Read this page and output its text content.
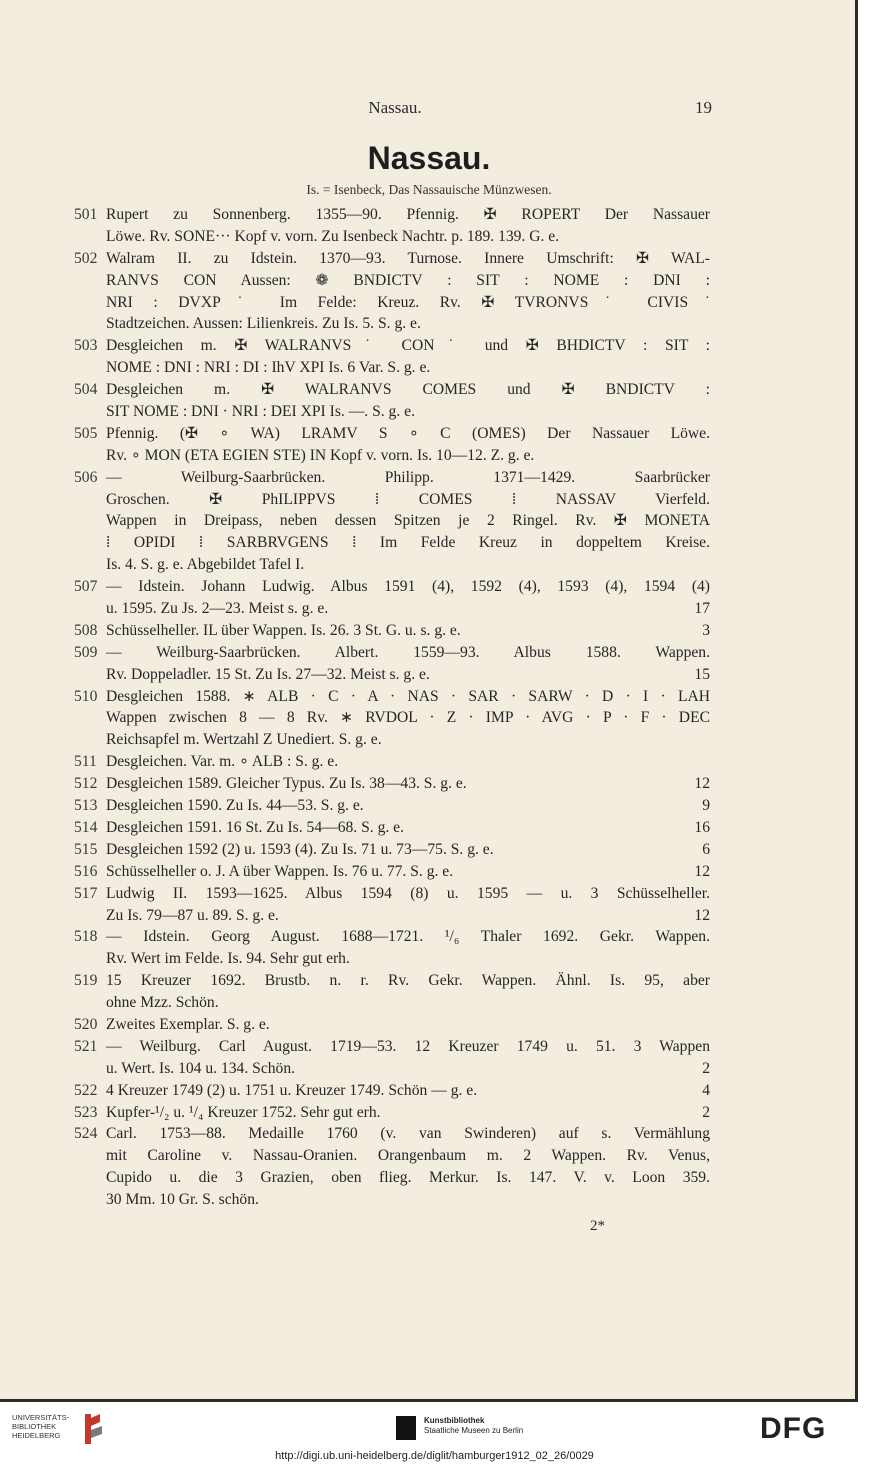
Nassau.	19
Nassau.
Is. = Isenbeck, Das Nassauische Münzwesen.
501 Rupert zu Sonnenberg. 1355—90. Pfennig. ✠ ROPERT Der Nassauer
Löwe. Rv. SONE··· Kopf v. vorn. Zu Isenbeck Nachtr. p. 189. 139. G. e.
502 Walram II. zu Idstein. 1370—93. Turnose. Innere Umschrift: ✠ WAL-
RANVS CON Aussen: ❁ BNDICTV : SIT : NOME : DNI :
NRI : DVXP˙ Im Felde: Kreuz. Rv. ✠ TVRONVS˙ CIVIS˙
Stadtzeichen. Aussen: Lilienkreis. Zu Is. 5. S. g. e.
503 Desgleichen m. ✠ WALRANVS˙ CON˙ und ✠ BHDICTV : SIT :
NOME : DNI : NRI : DI : IhV XPI Is. 6 Var. S. g. e.
504 Desgleichen m. ✠ WALRANVS COMES und ✠ BNDICTV :
SIT NOME : DNI · NRI : DEI XPI Is. —. S. g. e.
505 Pfennig. (✠ ∘ WA) LRAMV S ∘ C (OMES) Der Nassauer Löwe.
Rv. ∘ MON (ETA EGIEN STE) IN Kopf v. vorn. Is. 10—12. Z. g. e.
506 — Weilburg-Saarbrücken. Philipp. 1371—1429. Saarbrücker
Groschen. ✠ PhILIPPVS ⁞ COMES ⁞ NASSAV Vierfeld.
Wappen in Dreipass, neben dessen Spitzen je 2 Ringel. Rv. ✠ MONETA
⁞ OPIDI ⁞ SARBRVGENS ⁞ Im Felde Kreuz in doppeltem Kreise.
Is. 4. S. g. e. Abgebildet Tafel I.
507 — Idstein. Johann Ludwig. Albus 1591 (4), 1592 (4), 1593 (4), 1594 (4)
u. 1595. Zu Js. 2—23. Meist s. g. e.	17
508 Schüsselheller. IL über Wappen. Is. 26. 3 St. G. u. s. g. e.	3
509 — Weilburg-Saarbrücken. Albert. 1559—93. Albus 1588. Wappen.
Rv. Doppeladler. 15 St. Zu Is. 27—32. Meist s. g. e.	15
510 Desgleichen 1588. ∗ ALB · C · A · NAS · SAR · SARW · D · I · LAH
Wappen zwischen 8 — 8 Rv. ∗ RVDOL · Z · IMP · AVG · P · F · DEC
Reichsapfel m. Wertzahl Z Unediert. S. g. e.
511 Desgleichen. Var. m. ∘ ALB : S. g. e.
512 Desgleichen 1589. Gleicher Typus. Zu Is. 38—43. S. g. e.	12
513 Desgleichen 1590. Zu Is. 44—53. S. g. e.	9
514 Desgleichen 1591. 16 St. Zu Is. 54—68. S. g. e.	16
515 Desgleichen 1592 (2) u. 1593 (4). Zu Is. 71 u. 73—75. S. g. e.	6
516 Schüsselheller o. J. A über Wappen. Is. 76 u. 77. S. g. e.	12
517 Ludwig II. 1593—1625. Albus 1594 (8) u. 1595 — u. 3 Schüsselheller.
Zu Is. 79—87 u. 89. S. g. e.	12
518 — Idstein. Georg August. 1688—1721. ¹/₆ Thaler 1692. Gekr. Wappen.
Rv. Wert im Felde. Is. 94. Sehr gut erh.
519 15 Kreuzer 1692. Brustb. n. r. Rv. Gekr. Wappen. Ähnl. Is. 95, aber
ohne Mzz. Schön.
520 Zweites Exemplar. S. g. e.
521 — Weilburg. Carl August. 1719—53. 12 Kreuzer 1749 u. 51. 3 Wappen
u. Wert. Is. 104 u. 134. Schön.	2
522 4 Kreuzer 1749 (2) u. 1751 u. Kreuzer 1749. Schön — g. e.	4
523 Kupfer-¹/₂ u. ¹/₄ Kreuzer 1752. Sehr gut erh.	2
524 Carl. 1753—88. Medaille 1760 (v. van Swinderen) auf s. Vermählung
mit Caroline v. Nassau-Oranien. Orangenbaum m. 2 Wappen. Rv. Venus,
Cupido u. die 3 Grazien, oben flieg. Merkur. Is. 147. V. v. Loon 359.
30 Mm. 10 Gr. S. schön.
2*
UNIVERSITÄTS-
BIBLIOTHEK
HEIDELBERG
Kunstbibliothek
Staatliche Museen zu Berlin	DFG
http://digi.ub.uni-heidelberg.de/diglit/hamburger1912_02_26/0029
